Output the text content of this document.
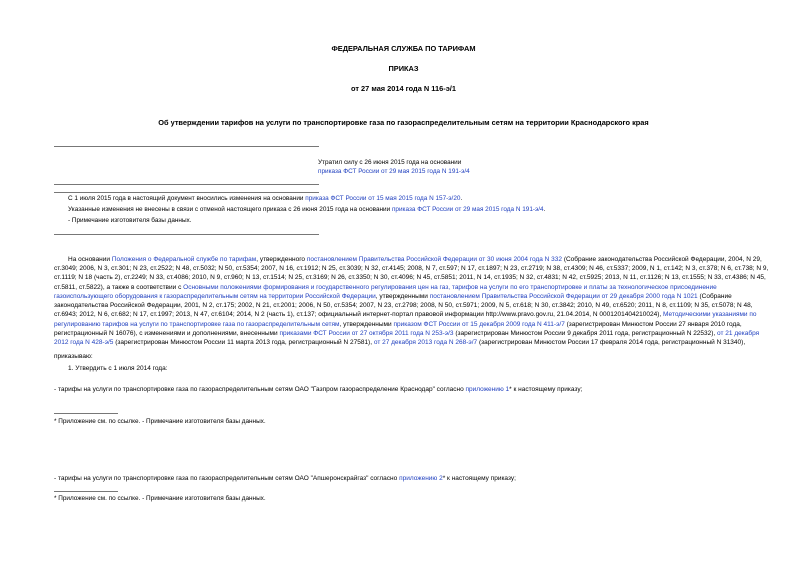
ФЕДЕРАЛЬНАЯ СЛУЖБА ПО ТАРИФАМ
ПРИКАЗ
от 27 мая 2014 года N 116-э/1
Об утверждении тарифов на услуги по транспортировке газа по газораспределительным сетям на территории Краснодарского края
Утратил силу с 26 июня 2015 года на основании
приказа ФСТ России от 29 мая 2015 года N 191-э/4
С 1 июля 2015 года в настоящий документ вносились изменения на основании приказа ФСТ России от 15 мая 2015 года N 157-э/20.
Указанные изменения не внесены в связи с отменой настоящего приказа с 26 июня 2015 года на основании приказа ФСТ России от 29 мая 2015 года N 191-э/4.
- Примечание изготовителя базы данных.
На основании Положения о Федеральной службе по тарифам, утвержденного постановлением Правительства Российской Федерации от 30 июня 2004 года N 332 (Собрание законодательства Российской Федерации, 2004, N 29, ст.3049; 2006, N 3, ст.301; N 23, ст.2522; N 48, ст.5032; N 50, ст.5354; 2007, N 16, ст.1912; N 25, ст.3039; N 32, ст.4145; 2008, N 7, ст.597; N 17, ст.1897; N 23, ст.2719; N 38, ст.4309; N 46, ст.5337; 2009, N 1, ст.142; N 3, ст.378; N 6, ст.738; N 9, ст.1119; N 18 (часть 2), ст.2249; N 33, ст.4086; 2010, N 9, ст.960; N 13, ст.1514; N 25, ст.3169; N 26, ст.3350; N 30, ст.4096; N 45, ст.5851; 2011, N 14, ст.1935; N 32, ст.4831; N 42, ст.5925; 2013, N 11, ст.1126; N 13, ст.1555; N 33, ст.4386; N 45, ст.5811, ст.5822), а также в соответствии с Основными положениями формирования и государственного регулирования цен на газ, тарифов на услуги по его транспортировке и платы за технологическое присоединение газоиспользующего оборудования к газораспределительным сетям на территории Российской Федерации, утвержденными постановлением Правительства Российской Федерации от 29 декабря 2000 года N 1021 (Собрание законодательства Российской Федерации, 2001, N 2, ст.175; 2002, N 21, ст.2001; 2006, N 50, ст.5354; 2007, N 23, ст.2798; 2008, N 50, ст.5971; 2009, N 5, ст.618; N 30, ст.3842; 2010, N 49, ст.6520; 2011, N 8, ст.1109; N 35, ст.5078; N 48, ст.6943; 2012, N 6, ст.682; N 17, ст.1997; 2013, N 47, ст.6104; 2014, N 2 (часть 1), ст.137; официальный интернет-портал правовой информации http://www.pravo.gov.ru, 21.04.2014, N 0001201404210024), Методическими указаниями по регулированию тарифов на услуги по транспортировке газа по газораспределительным сетям, утвержденными приказом ФСТ России от 15 декабря 2009 года N 411-э/7 (зарегистрирован Минюстом России 27 января 2010 года, регистрационный N 16076), с изменениями и дополнениями, внесенными приказами ФСТ России от 27 октября 2011 года N 253-э/3 (зарегистрирован Минюстом России 9 декабря 2011 года, регистрационный N 22532), от 21 декабря 2012 года N 428-э/5 (зарегистрирован Минюстом России 11 марта 2013 года, регистрационный N 27581), от 27 декабря 2013 года N 268-э/7 (зарегистрирован Минюстом России 17 февраля 2014 года, регистрационный N 31340),
приказываю:
1. Утвердить с 1 июля 2014 года:
- тарифы на услуги по транспортировке газа по газораспределительным сетям ОАО "Газпром газораспределение Краснодар" согласно приложению 1* к настоящему приказу;
* Приложение см. по ссылке. - Примечание изготовителя базы данных.
- тарифы на услуги по транспортировке газа по газораспределительным сетям ОАО "Апшеронскрайгаз" согласно приложению 2* к настоящему приказу;
* Приложение см. по ссылке. - Примечание изготовителя базы данных.
